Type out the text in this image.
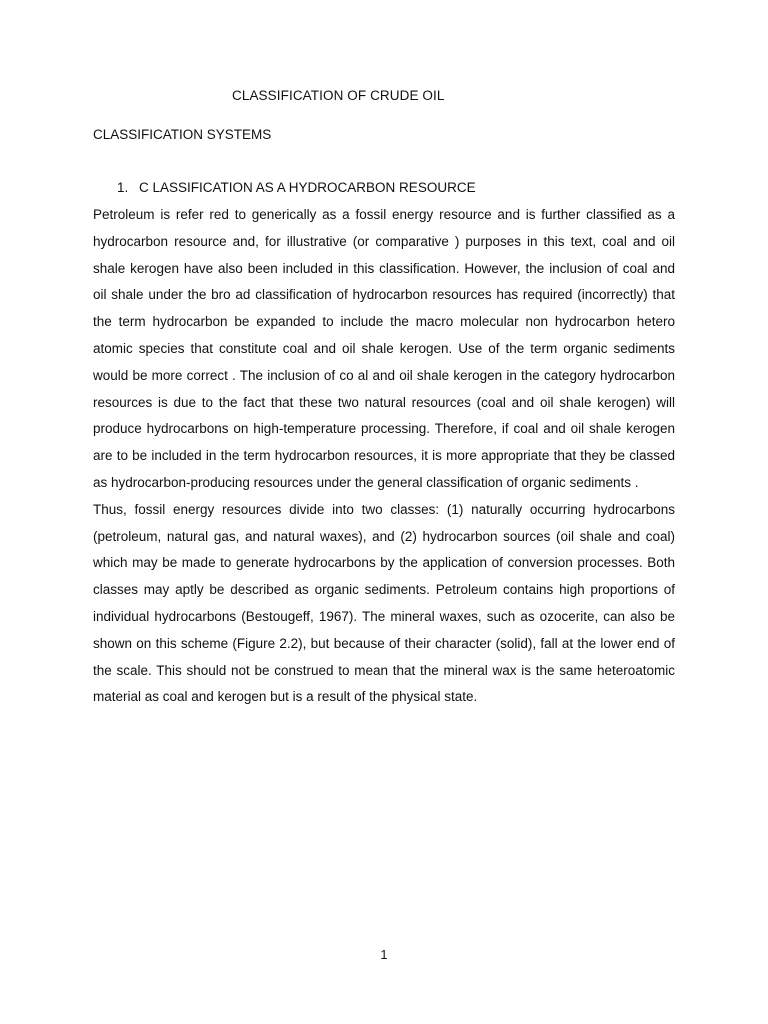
CLASSIFICATION OF CRUDE OIL
CLASSIFICATION SYSTEMS
1. C LASSIFICATION AS A HYDROCARBON RESOURCE

Petroleum is refer red to generically as a fossil energy resource and is further classified as a hydrocarbon resource and, for illustrative (or comparative ) purposes in this text, coal and oil shale kerogen have also been included in this classification. However, the inclusion of coal and oil shale under the bro ad classification of hydrocarbon resources has required (incorrectly) that the term hydrocarbon be expanded to include the macro molecular non hydrocarbon hetero atomic species that constitute coal and oil shale kerogen. Use of the term organic sediments would be more correct . The inclusion of co al and oil shale kerogen in the category hydrocarbon resources is due to the fact that these two natural resources (coal and oil shale kerogen) will produce hydrocarbons on high-temperature processing. Therefore, if coal and oil shale kerogen are to be included in the term hydrocarbon resources, it is more appropriate that they be classed as hydrocarbon-producing resources under the general classification of organic sediments .

Thus, fossil energy resources divide into two classes: (1) naturally occurring hydrocarbons (petroleum, natural gas, and natural waxes), and (2) hydrocarbon sources (oil shale and coal) which may be made to generate hydrocarbons by the application of conversion processes. Both classes may aptly be described as organic sediments. Petroleum contains high proportions of individual hydrocarbons (Bestougeff, 1967). The mineral waxes, such as ozocerite, can also be shown on this scheme (Figure 2.2), but because of their character (solid), fall at the lower end of the scale. This should not be construed to mean that the mineral wax is the same heteroatomic material as coal and kerogen but is a result of the physical state.

1
